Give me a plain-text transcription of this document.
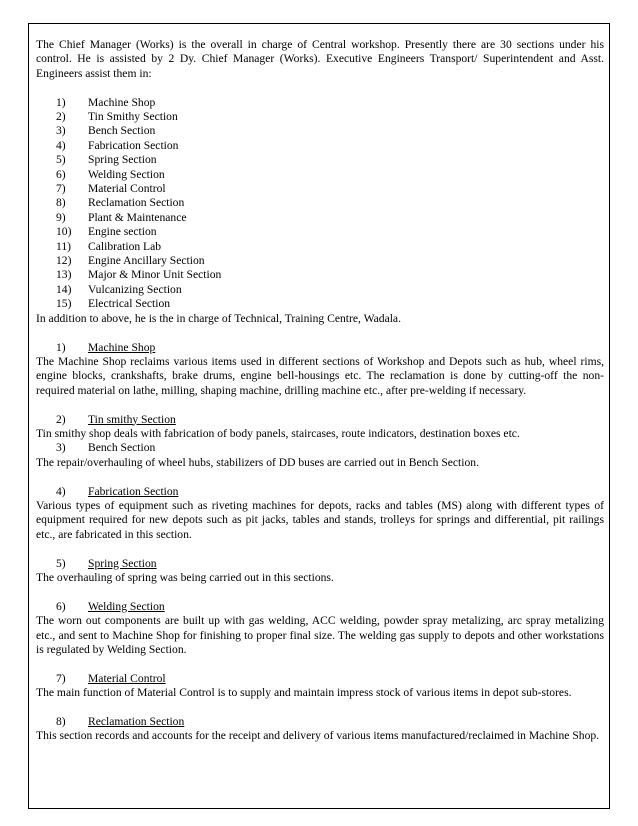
The Chief Manager (Works) is the overall in charge of Central workshop. Presently there are 30 sections under his control. He is assisted by 2 Dy. Chief Manager (Works). Executive Engineers Transport/ Superintendent and Asst. Engineers assist them in:

1)	Machine Shop
2)	Tin Smithy Section
3)	Bench Section
4)	Fabrication Section
5)	Spring Section
6)	Welding Section
7)	Material Control
8)	Reclamation Section
9)	Plant & Maintenance
10)	Engine section
11)	Calibration Lab
12)	Engine Ancillary Section
13)	Major & Minor Unit Section
14)	Vulcanizing Section
15)	Electrical Section

In addition to above, he is the in charge of Technical, Training Centre, Wadala.

1) Machine Shop

The Machine Shop reclaims various items used in different sections of Workshop and Depots such as hub, wheel rims, engine blocks, crankshafts, brake drums, engine bell-housings etc. The reclamation is done by cutting-off the non-required material on lathe, milling, shaping machine, drilling machine etc., after pre-welding if necessary.

2) Tin smithy Section

Tin smithy shop deals with fabrication of body panels, staircases, route indicators, destination boxes etc.

3) Bench Section

The repair/overhauling of wheel hubs, stabilizers of DD buses are carried out in Bench Section.

4) Fabrication Section

Various types of equipment such as riveting machines for depots, racks and tables (MS) along with different types of equipment required for new depots such as pit jacks, tables and stands, trolleys for springs and differential, pit railings etc., are fabricated in this section.

5) Spring Section

The overhauling of spring was being carried out in this sections.

6) Welding Section

The worn out components are built up with gas welding, ACC welding, powder spray metalizing, arc spray metalizing etc., and sent to Machine Shop for finishing to proper final size. The welding gas supply to depots and other workstations is regulated by Welding Section.

7) Material Control

The main function of Material Control is to supply and maintain impress stock of various items in depot sub-stores.

8) Reclamation Section

This section records and accounts for the receipt and delivery of various items manufactured/reclaimed in Machine Shop.
